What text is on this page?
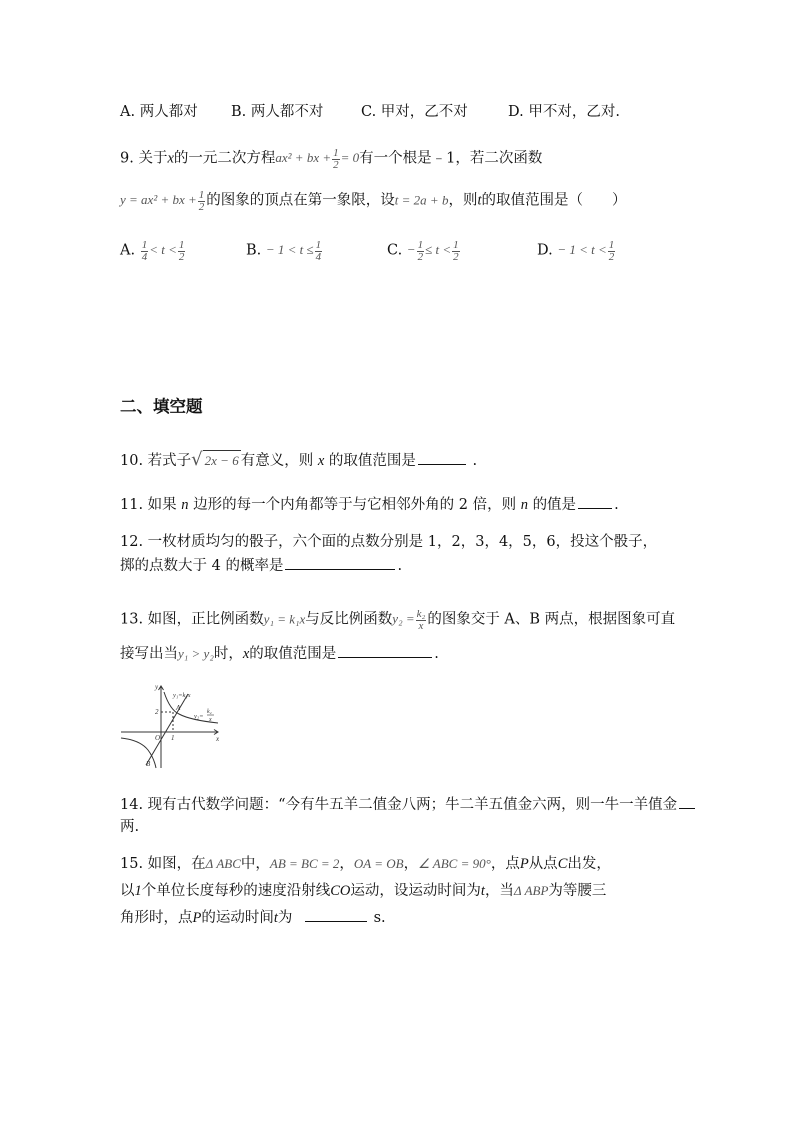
A. 两人都对 B. 两人都不对	C. 甲对，乙不对	D. 甲不对，乙对.
9. 关于x的一元二次方程ax² + bx + $\frac{1}{2} = 0$有一个根是﹣1，若二次函数
y = ax² + bx + $\frac{1}{2}$ 的图象的顶点在第一象限，设t = 2a + b，则t的取值范围是（　　）
A. $\frac{1}{4} < t < \frac{1}{2}$	B. − $1 < t \le \frac{1}{4}$	C. − $\frac{1}{2} \le t < \frac{1}{2}$	D. − $1 < t < \frac{1}{2}$
二、填空题
10. 若式子√ 2x − 6 有意义，则 x 的取值范围是	.
11. 如果 n 边形的每一个内角都等于与它相邻外角的 2 倍，则 n 的值是	.
12. 一枚材质均匀的骰子，六个面的点数分别是 1，2，3，4，5，6，投这个骰子，
掷的点数大于 4 的概率是	.
13. 如图，正比例函数y₁ = k₁x与反比例函数$y_2 = \frac{\text{k₂}}{x}$ 的图象交于 A、B 两点，根据图象可直
接写出当y₁ > y₂时，x的取值范围是	.
y
x
O 1
2	A
B
y₁=k₁x
y₂=
k₂
x
14. 现有古代数学问题：“今有牛五羊二值金八两；牛二羊五值金六两，则一牛一羊值金
两.
15. 如图，在Δ ABC中，AB = BC = 2，OA = OB，∠ ABC = 90°，点P从点C出发，
以1个单位长度每秒的速度沿射线CO运动，设运动时间为t，当Δ ABP为等腰三
角形时，点P的运动时间t为	s.
